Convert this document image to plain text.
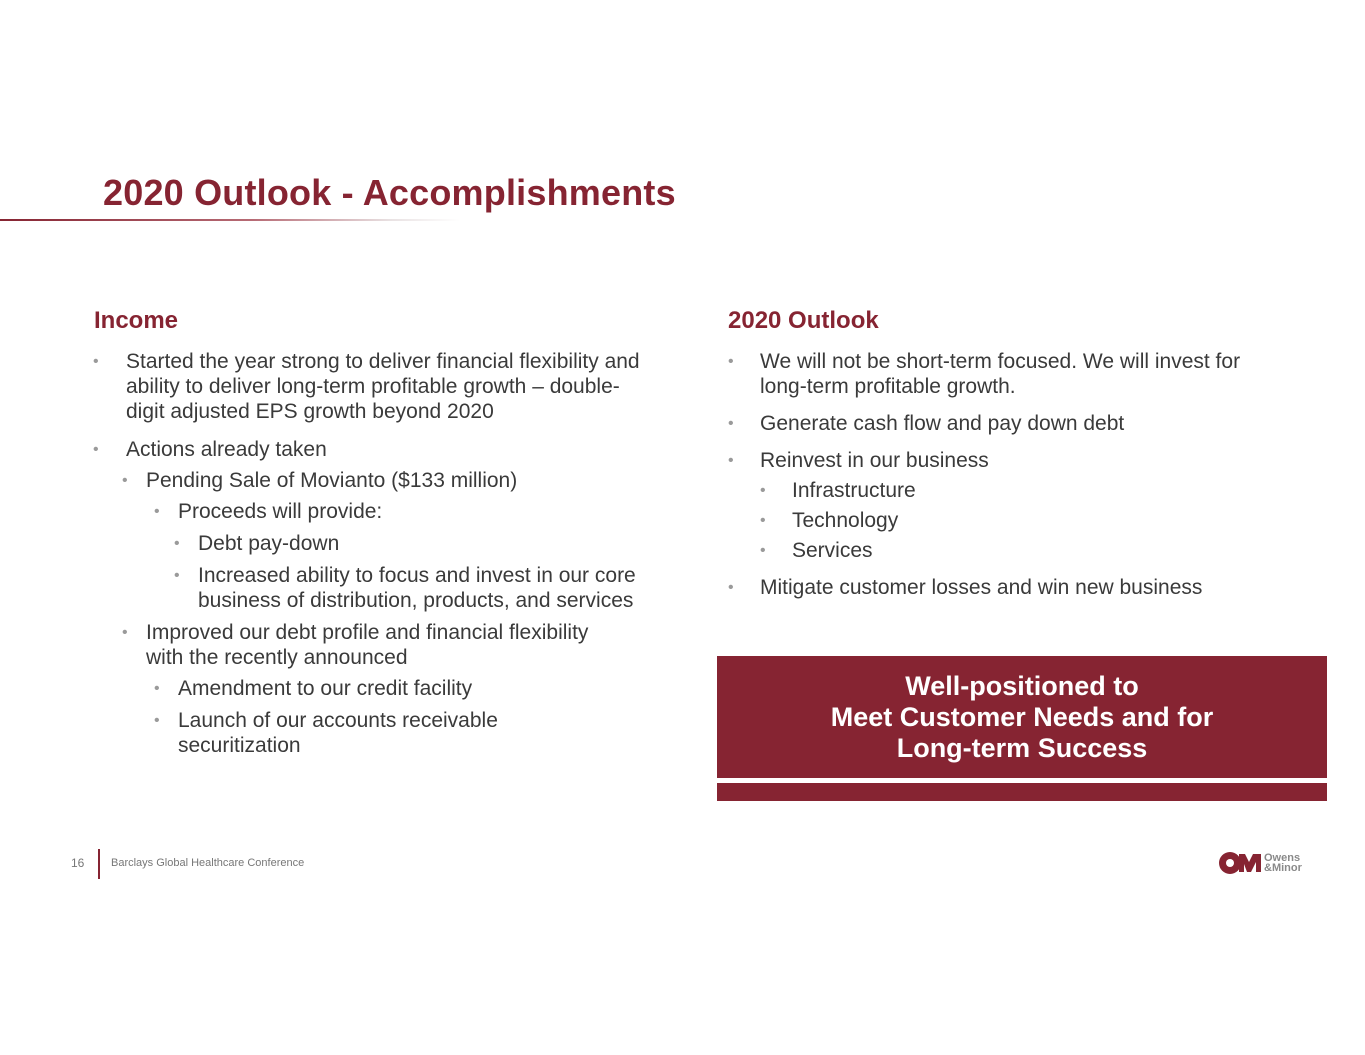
2020 Outlook - Accomplishments
Income
• Started the year strong to deliver financial flexibility and ability to deliver long-term profitable growth – double-digit adjusted EPS growth beyond 2020
• Actions already taken
• Pending Sale of Movianto ($133 million)
• Proceeds will provide:
• Debt pay-down
• Increased ability to focus and invest in our core business of distribution, products, and services
• Improved our debt profile and financial flexibility with the recently announced
• Amendment to our credit facility
• Launch of our accounts receivable securitization
2020 Outlook
• We will not be short-term focused. We will invest for long-term profitable growth.
• Generate cash flow and pay down debt
• Reinvest in our business
• Infrastructure
• Technology
• Services
• Mitigate customer losses and win new business
Well-positioned to
Meet Customer Needs and for
Long-term Success
16 Barclays Global Healthcare Conference	Owens
&Minor
